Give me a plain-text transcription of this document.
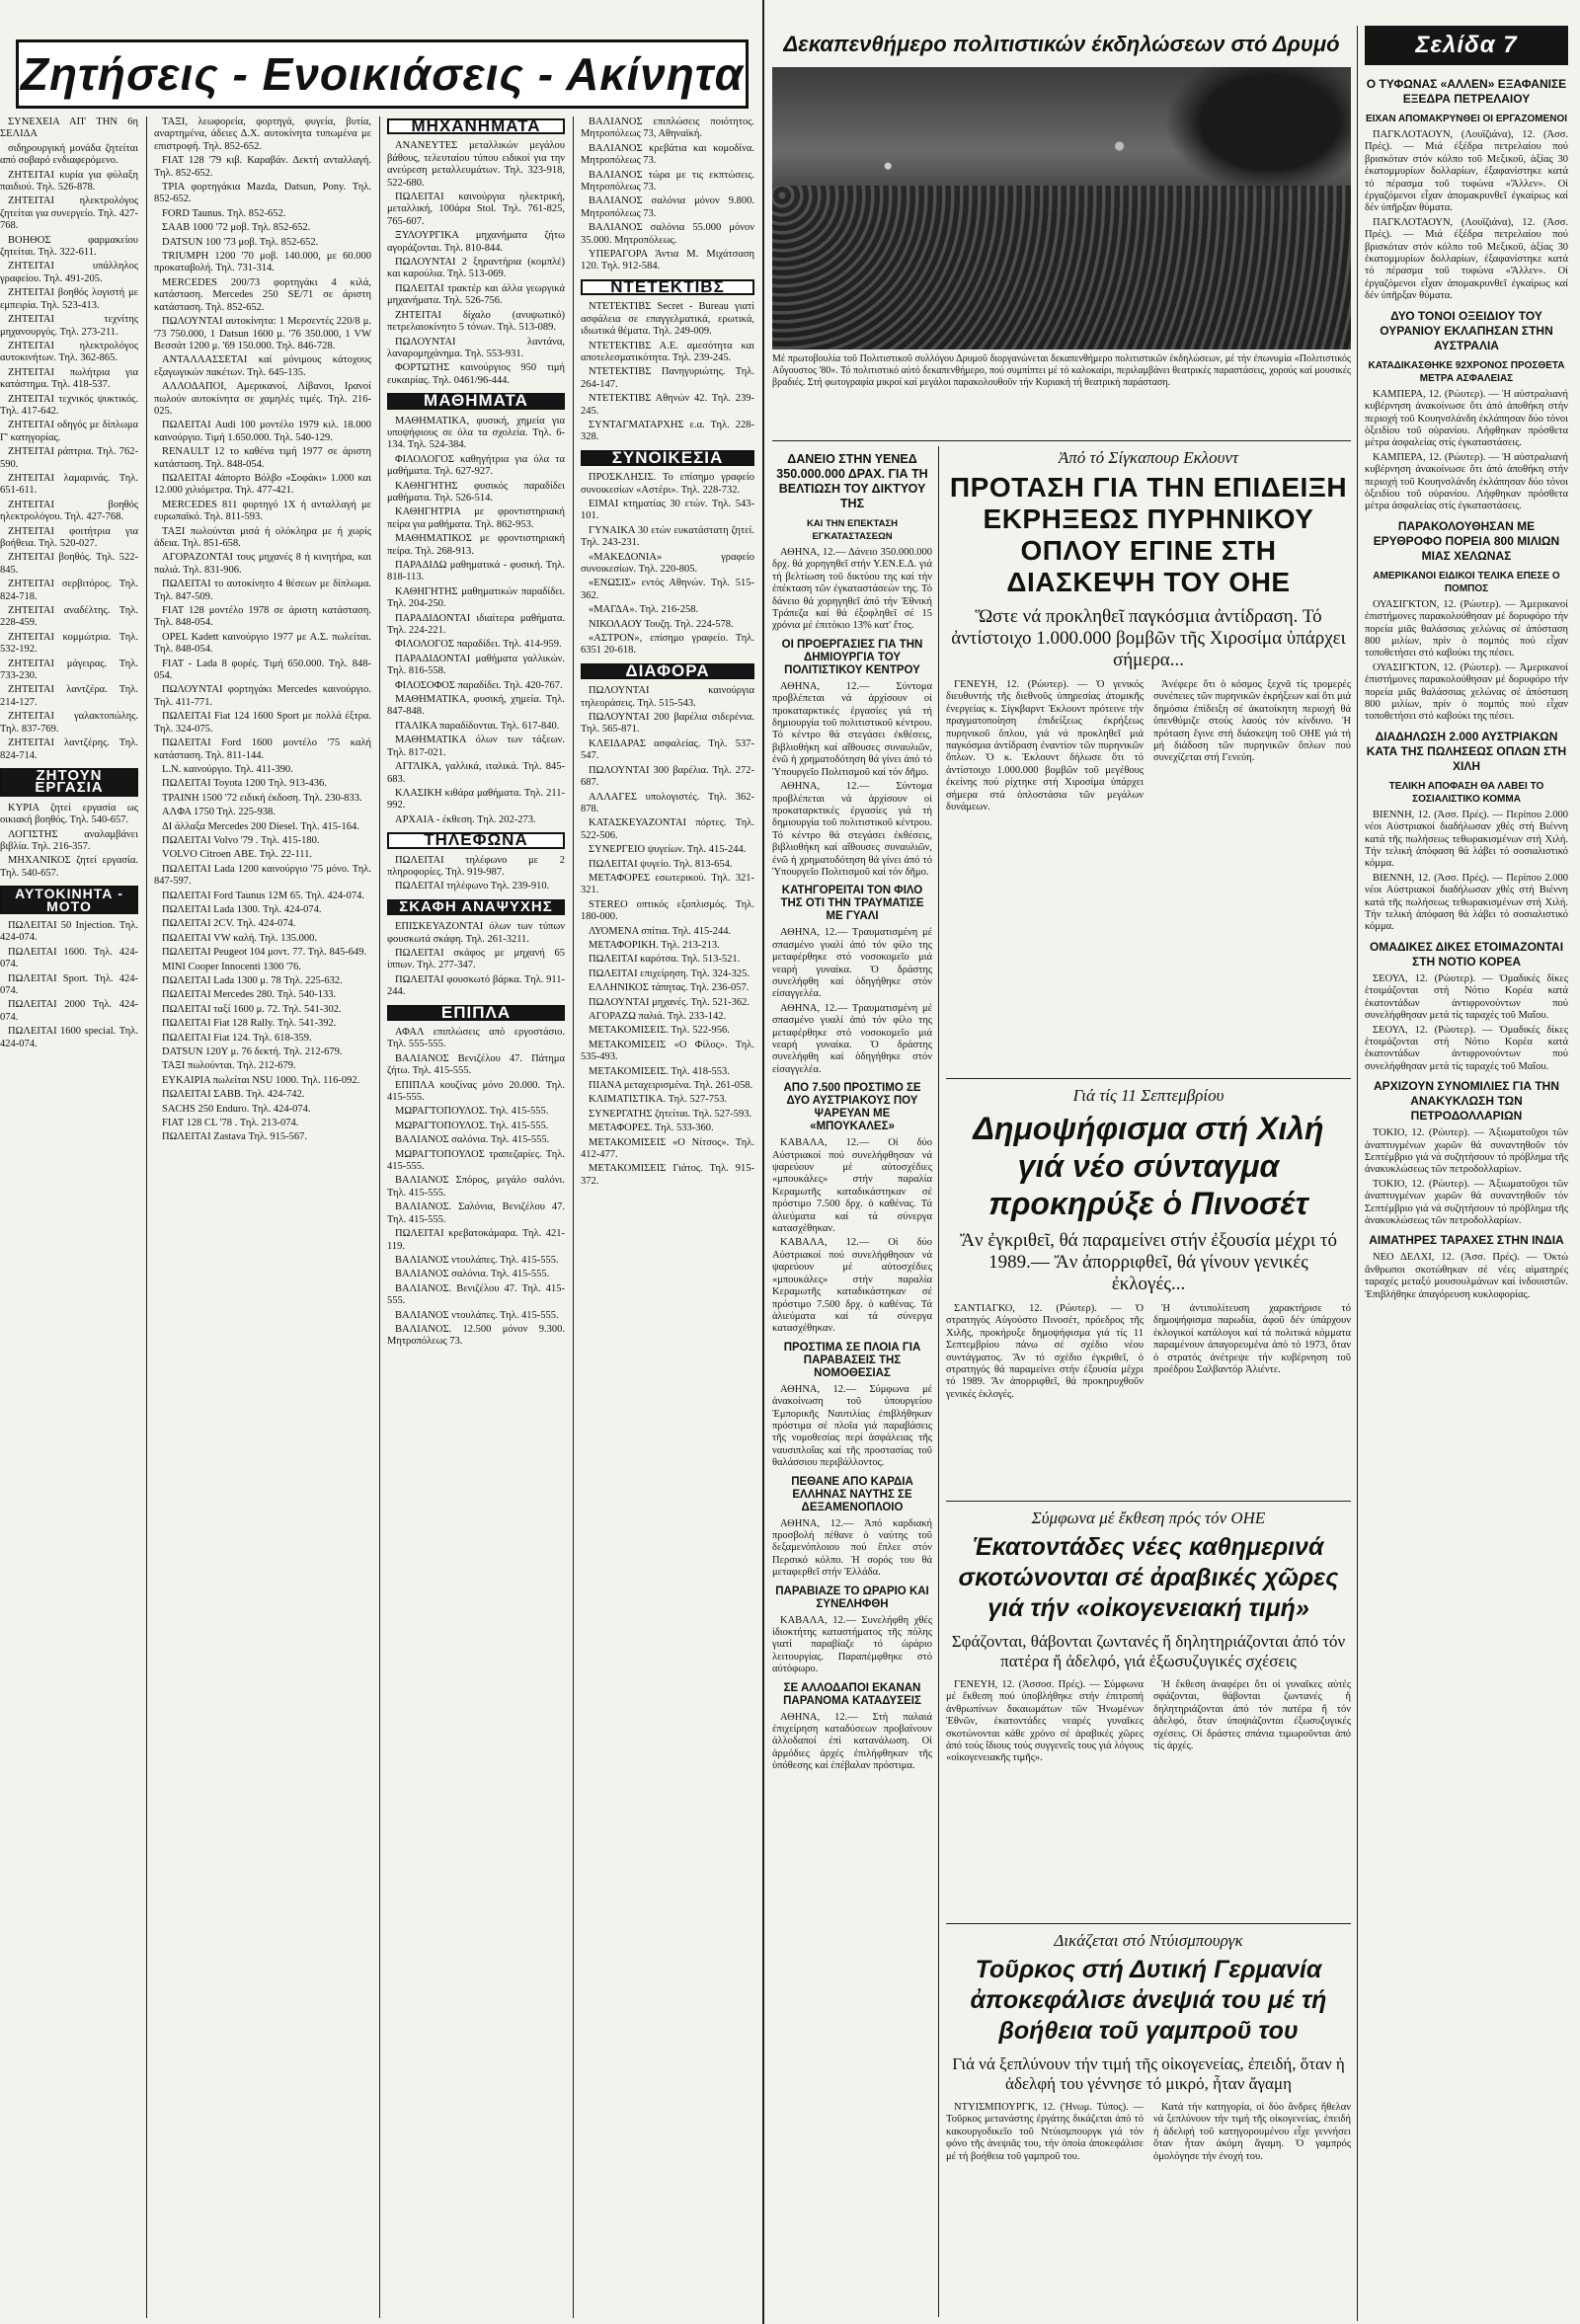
Ζητήσεις - Ενοικιάσεις - Ακίνητα

ΣΥΝΕΧΕΙΑ ΑΠ' ΤΗΝ 6η ΣΕΛΙΔΑ

σιδηρουργική μονάδα ζητείται από σοβαρό ενδιαφερόμενο.

ΖΗΤΕΙΤΑΙ κυρία για φύλαξη παιδιού. Τηλ. 526-878.

ΖΗΤΕΙΤΑΙ ηλεκτρολόγος ζητείται για συνεργείο. Τηλ. 427-768.

ΒΟΗΘΟΣ φαρμακείου ζητείται. Τηλ. 322-611.

ΖΗΤΕΙΤΑΙ υπάλληλος γραφείου. Τηλ. 491-205.

ΖΗΤΕΙΤΑΙ βοηθός λογιστή με εμπειρία. Τηλ. 523-413.

ΖΗΤΕΙΤΑΙ τεχνίτης μηχανουργός. Τηλ. 273-211.

ΖΗΤΕΙΤΑΙ ηλεκτρολόγος αυτοκινήτων. Τηλ. 362-865.

ΖΗΤΕΙΤΑΙ πωλήτρια για κατάστημα. Τηλ. 418-537.

ΖΗΤΕΙΤΑΙ τεχνικός ψυκτικός. Τηλ. 417-642.

ΖΗΤΕΙΤΑΙ οδηγός με δίπλωμα Γ' κατηγορίας.

ΖΗΤΕΙΤΑΙ ράπτρια. Τηλ. 762-590.

ΖΗΤΕΙΤΑΙ λαμαρινάς. Τηλ. 651-611.

ΖΗΤΕΙΤΑΙ βοηθός ηλεκτρολόγου. Τηλ. 427-768.

ΖΗΤΕΙΤΑΙ φοιτήτρια για βοήθεια. Τηλ. 520-027.

ΖΗΤΕΙΤΑΙ βοηθός. Τηλ. 522-845.

ΖΗΤΕΙΤΑΙ σερβιτόρος. Τηλ. 824-718.

ΖΗΤΕΙΤΑΙ αναδέλτης. Τηλ. 228-459.

ΖΗΤΕΙΤΑΙ κομμώτρια. Τηλ. 532-192.

ΖΗΤΕΙΤΑΙ μάγειρας. Τηλ. 733-230.

ΖΗΤΕΙΤΑΙ λαντζέρα. Τηλ. 214-127.

ΖΗΤΕΙΤΑΙ γαλακτοπώλης. Τηλ. 837-769.

ΖΗΤΕΙΤΑΙ λαντζέρης. Τηλ. 824-714.

ΖΗΤΟΥΝ ΕΡΓΑΣΙΑ

ΚΥΡΙΑ ζητεί εργασία ως οικιακή βοηθός. Τηλ. 540-657.

ΛΟΓΙΣΤΗΣ αναλαμβάνει βιβλία. Τηλ. 216-357.

ΜΗΧΑΝΙΚΟΣ ζητεί εργασία. Τηλ. 540-657.

ΑΥΤΟΚΙΝΗΤΑ - ΜΟΤΟ

ΠΩΛΕΙΤΑΙ 50 Injection. Τηλ. 424-074.

ΠΩΛΕΙΤΑΙ 1600. Τηλ. 424-074.

ΠΩΛΕΙΤΑΙ Sport. Τηλ. 424-074.

ΠΩΛΕΙΤΑΙ 2000 Τηλ. 424-074.

ΠΩΛΕΙΤΑΙ 1600 special. Τηλ. 424-074.

ΤΑΞΙ, λεωφορεία, φορτηγά, φυγεία, βυτία, αναρτημένα, άδειες Δ.Χ. αυτοκίνητα τυπωμένα με επιστροφή. Τηλ. 852-652.

FIAT 128 '79 κιβ. Καραβάν. Δεκτή ανταλλαγή. Τηλ. 852-652.

ΤΡΙΑ φορτηγάκια Mazda, Datsun, Pony. Τηλ. 852-652.

FORD Taunus. Τηλ. 852-652.

ΣΑΑΒ 1000 '72 μοβ. Τηλ. 852-652.

DATSUN 100 '73 μοβ. Τηλ. 852-652.

TRIUMPH 1200 '70 μοβ. 140.000, με 60.000 προκαταβολή. Τηλ. 731-314.

MERCEDES 200/73 φορτηγάκι 4 κιλά, κατάσταση. Mercedes 250 SE/71 σε άριστη κατάσταση. Τηλ. 852-652.

ΠΩΛΟΥΝΤΑΙ αυτοκίνητα: 1 Μερσεντές 220/8 μ. '73 750.000, 1 Datsun 1600 μ. '76 350.000, 1 VW Βεσσάτ 1200 μ. '69 150.000. Τηλ. 846-728.

ΑΝΤΑΛΛΑΣΣΕΤΑΙ καί μόνιμους κάτοχους εξαγωγικών πακέτων. Τηλ. 645-135.

ΑΛΛΟΔΑΠΟΙ, Αμερικανοί, Λίβανοι, Ιρανοί πωλούν αυτοκίνητα σε χαμηλές τιμές. Τηλ. 216-025.

ΠΩΛΕΙΤΑΙ Audi 100 μοντέλο 1979 κιλ. 18.000 καινούργιο. Τιμή 1.650.000. Τηλ. 540-129.

RENAULT 12 το καθένα τιμή 1977 σε άριστη κατάσταση. Τηλ. 848-054.

ΠΩΛΕΙΤΑΙ 4άπορτο Βόλβο «Σοφάκι» 1.000 και 12.000 χιλιόμετρα. Τηλ. 477-421.

MERCEDES 811 φορτηγό 1Χ ή ανταλλαγή με ευρωπαϊκό. Τηλ. 811-593.

ΤΑΞΙ πωλούνται μισά ή ολόκληρα με ή χωρίς άδεια. Τηλ. 851-658.

ΑΓΟΡΑΖΟΝΤΑΙ τους μηχανές 8 ή κινητήρα, και παλιά. Τηλ. 831-906.

ΠΩΛΕΙΤΑΙ το αυτοκίνητο 4 θέσεων με δίπλωμα. Τηλ. 847-509.

FIAT 128 μοντέλο 1978 σε άριστη κατάσταση. Τηλ. 848-054.

OPEL Kadett καινούργιο 1977 με Α.Σ. πωλείται. Τηλ. 848-054.

FIAT - Lada 8 φορές. Τιμή 650.000. Τηλ. 848-054.

ΠΩΛΟΥΝΤΑΙ φορτηγάκι Mercedes καινούργιο. Τηλ. 411-771.

ΠΩΛΕΙΤΑΙ Fiat 124 1600 Sport με πολλά έξτρα. Τηλ. 324-075.

ΠΩΛΕΙΤΑΙ Ford 1600 μοντέλο '75 καλή κατάσταση. Τηλ. 811-144.

L.N. καινούργιο. Τηλ. 411-390.

ΠΩΛΕΙΤΑΙ Toyota 1200 Τηλ. 913-436.

ΤΡΑΙΝΗ 1500 '72 ειδική έκδοση. Τηλ. 230-833.

ΑΛΦΑ 1750 Τηλ. 225-938.

ΔΙ άλλαξα Mercedes 200 Diesel. Τηλ. 415-164.

ΠΩΛΕΙΤΑΙ Volvo '79 . Τηλ. 415-180.

VOLVO Citroen ΑΒΕ. Τηλ. 22-111.

ΠΩΛΕΙΤΑΙ Lada 1200 καινούργιο '75 μόνο. Τηλ. 847-597.

ΠΩΛΕΙΤΑΙ Ford Taunus 12M 65. Τηλ. 424-074.

ΠΩΛΕΙΤΑΙ Lada 1300. Τηλ. 424-074.

ΠΩΛΕΙΤΑΙ 2CV. Τηλ. 424-074.

ΠΩΛΕΙΤΑΙ VW καλή. Τηλ. 135.000.

ΠΩΛΕΙΤΑΙ Peugeot 104 μοντ. 77. Τηλ. 845-649.

MINI Cooper Innocenti 1300 '76.

ΠΩΛΕΙΤΑΙ Lada 1300 μ. 78 Τηλ. 225-632.

ΠΩΛΕΙΤΑΙ Mercedes 280. Τηλ. 540-133.

ΠΩΛΕΙΤΑΙ ταξί 1600 μ. 72. Τηλ. 541-302.

ΠΩΛΕΙΤΑΙ Fiat 128 Rally. Τηλ. 541-392.

ΠΩΛΕΙΤΑΙ Fiat 124. Τηλ. 618-359.

DATSUN 120Y μ. 76 δεκτή. Τηλ. 212-679.

ΤΑΞΙ πωλούνται. Τηλ. 212-679.

ΕΥΚΑΙΡΙΑ πωλείται NSU 1000. Τηλ. 116-092.

ΠΩΛΕΙΤΑΙ ΣΑΒΒ. Τηλ. 424-742.

SACHS 250 Enduro. Τηλ. 424-074.

FIAT 128 CL '78 . Τηλ. 213-074.

ΠΩΛΕΙΤΑΙ Zastava Τηλ. 915-567.

ΜΗΧΑΝΗΜΑΤΑ

ΑΝΑΝΕΥΤΕΣ μεταλλικών μεγάλου βάθους, τελευταίου τύπου ειδικοί για την ανεύρεση μεταλλευμάτων. Τηλ. 323-918, 522-680.

ΠΩΛΕΙΤΑΙ καινούργια ηλεκτρική, μεταλλική, 100άρα Stol. Τηλ. 761-825, 765-607.

ΞΥΛΟΥΡΓΙΚΑ μηχανήματα ζήτω αγοράζονται. Τηλ. 810-844.

ΠΩΛΟΥΝΤΑΙ 2 ξηραντήρια (κομπλέ) και καρούλια. Τηλ. 513-069.

ΠΩΛΕΙΤΑΙ τρακτέρ και άλλα γεωργικά μηχανήματα. Τηλ. 526-756.

ΖΗΤΕΙΤΑΙ δίχαλο (ανυψωτικό) πετρελαιοκίνητο 5 τόνων. Τηλ. 513-089.

ΠΩΛΟΥΝΤΑΙ λαντάνα, λαναρομηχάνημα. Τηλ. 553-931.

ΦΟΡΤΩΤΗΣ καινούργιος 950 τιμή ευκαιρίας. Τηλ. 0461/96-444.

ΜΑΘΗΜΑΤΑ

ΜΑΘΗΜΑΤΙΚΑ, φυσική, χημεία για υποψήφιους σε όλα τα σχολεία. Τηλ. 6-134. Τηλ. 524-384.

ΦΙΛΟΛΟΓΟΣ καθηγήτρια για όλα τα μαθήματα. Τηλ. 627-927.

ΚΑΘΗΓΗΤΗΣ φυσικός παραδίδει μαθήματα. Τηλ. 526-514.

ΚΑΘΗΓΗΤΡΙΑ με φροντιστηριακή πείρα για μαθήματα. Τηλ. 862-953.

ΜΑΘΗΜΑΤΙΚΟΣ με φροντιστηριακή πείρα. Τηλ. 268-913.

ΠΑΡΑΔΙΔΩ μαθηματικά - φυσική. Τηλ. 818-113.

ΚΑΘΗΓΗΤΗΣ μαθηματικών παραδίδει. Τηλ. 204-250.

ΠΑΡΑΔΙΔΟΝΤΑΙ ιδιαίτερα μαθήματα. Τηλ. 224-221.

ΦΙΛΟΛΟΓΟΣ παραδίδει. Τηλ. 414-959.

ΠΑΡΑΔΙΔΟΝΤΑΙ μαθήματα γαλλικών. Τηλ. 816-558.

ΦΙΛΟΣΟΦΟΣ παραδίδει. Τηλ. 420-767.

ΜΑΘΗΜΑΤΙΚΑ, φυσική, χημεία. Τηλ. 847-848.

ΙΤΑΛΙΚΑ παραδίδονται. Τηλ. 617-840.

ΜΑΘΗΜΑΤΙΚΑ όλων των τάξεων. Τηλ. 817-021.

ΑΓΓΛΙΚΑ, γαλλικά, ιταλικά. Τηλ. 845-683.

ΚΛΑΣΙΚΗ κιθάρα μαθήματα. Τηλ. 211-992.

ΑΡΧΑΙΑ - έκθεση. Τηλ. 202-273.

ΤΗΛΕΦΩΝΑ

ΠΩΛΕΙΤΑΙ τηλέφωνο με 2 πληροφορίες. Τηλ. 919-987.

ΠΩΛΕΙΤΑΙ τηλέφωνο Τηλ. 239-910.

ΣΚΑΦΗ ΑΝΑΨΥΧΗΣ

ΕΠΙΣΚΕΥΑΖΟΝΤΑΙ όλων των τύπων φουσκωτά σκάφη. Τηλ. 261-3211.

ΠΩΛΕΙΤΑΙ σκάφος με μηχανή 65 ίππων. Τηλ. 277-347.

ΠΩΛΕΙΤΑΙ φουσκωτό βάρκα. Τηλ. 911-244.

ΕΠΙΠΛΑ

ΑΦΑΛ επιπλώσεις από εργοστάσιο. Τηλ. 555-555.

ΒΑΛΙΑΝΟΣ Βενιζέλου 47. Πάτημα ζήτω. Τηλ. 415-555.

ΕΠΙΠΛΑ κουζίνας μόνο 20.000. Τηλ. 415-555.

ΜΩΡΑΓΤΟΠΟΥΛΟΣ. Τηλ. 415-555.

ΜΩΡΑΓΤΟΠΟΥΛΟΣ. Τηλ. 415-555.

ΒΑΛΙΑΝΟΣ σαλόνια. Τηλ. 415-555.

ΜΩΡΑΓΤΟΠΟΥΛΟΣ τραπεζαρίες. Τηλ. 415-555.

ΒΑΛΙΑΝΟΣ Σπόρος, μεγάλο σαλόνι. Τηλ. 415-555.

ΒΑΛΙΑΝΟΣ. Σαλόνια, Βενιζέλου 47. Τηλ. 415-555.

ΠΩΛΕΙΤΑΙ κρεβατοκάμαρα. Τηλ. 421-119.

ΒΑΛΙΑΝΟΣ ντουλάπες. Τηλ. 415-555.

ΒΑΛΙΑΝΟΣ σαλόνια. Τηλ. 415-555.

ΒΑΛΙΑΝΟΣ. Βενιζέλου 47. Τηλ. 415-555.

ΒΑΛΙΑΝΟΣ ντουλάπες. Τηλ. 415-555.

ΒΑΛΙΑΝΟΣ. 12.500 μόνον 9.300. Μητροπόλεως 73.

ΒΑΛΙΑΝΟΣ επιπλώσεις ποιότητος. Μητροπόλεως 73, Αθηναϊκή.

ΒΑΛΙΑΝΟΣ κρεβάτια και κομοδίνα. Μητροπόλεως 73.

ΒΑΛΙΑΝΟΣ τώρα με τις εκπτώσεις. Μητροπόλεως 73.

ΒΑΛΙΑΝΟΣ σαλόνια μόνον 9.800. Μητροπόλεως 73.

ΒΑΛΙΑΝΟΣ σαλόνια 55.000 μόνον 35.000. Μητροπόλεως.

ΥΠΕΡΑΓΟΡΑ Άντια Μ. Μιχάτσαση 120. Τηλ. 912-584.

ΝΤΕΤΕΚΤΙΒΣ

ΝΤΕΤΕΚΤΙΒΣ Secret - Bureau γιατί ασφάλεια σε επαγγελματικά, ερωτικά, ιδιωτικά θέματα. Τηλ. 249-009.

ΝΤΕΤΕΚΤΙΒΣ Α.Ε. αμεσότητα και αποτελεσματικότητα. Τηλ. 239-245.

ΝΤΕΤΕΚΤΙΒΣ Πανηγυριώτης. Τηλ. 264-147.

ΝΤΕΤΕΚΤΙΒΣ Αθηνών 42. Τηλ. 239-245.

ΣΥΝΤΑΓΜΑΤΑΡΧΗΣ ε.α. Τηλ. 228-328.

ΣΥΝΟΙΚΕΣΙΑ

ΠΡΟΣΚΛΗΣΙΣ. Το επίσημο γραφείο συνοικεσίων «Αστέρι». Τηλ. 228-732.

ΕΙΜΑΙ κτηματίας 30 ετών. Τηλ. 543-101.

ΓΥΝΑΙΚΑ 30 ετών ευκατάστατη ζητεί. Τηλ. 243-231.

«ΜΑΚΕΔΟΝΙΑ» γραφείο συνοικεσίων. Τηλ. 220-805.

«ΕΝΩΣΙΣ» εντός Αθηνών. Τηλ. 515-362.

«ΜΑΓΔΑ». Τηλ. 216-258.

ΝΙΚΟΛΑΟΥ Τουζη. Τηλ. 224-578.

«ΑΣΤΡΟΝ», επίσημο γραφείο. Τηλ. 6351 20-618.

ΔΙΑΦΟΡΑ

ΠΩΛΟΥΝΤΑΙ καινούργια τηλεοράσεις. Τηλ. 515-543.

ΠΩΛΟΥΝΤΑΙ 200 βαρέλια σιδερένια. Τηλ. 565-871.

ΚΛΕΙΔΑΡΑΣ ασφαλείας. Τηλ. 537-547.

ΠΩΛΟΥΝΤΑΙ 300 βαρέλια. Τηλ. 272-687.

ΑΛΛΑΓΕΣ υπολογιστές. Τηλ. 362-878.

ΚΑΤΑΣΚΕΥΑΖΟΝΤΑΙ πόρτες. Τηλ. 522-506.

ΣΥΝΕΡΓΕΙΟ ψυγείων. Τηλ. 415-244.

ΠΩΛΕΙΤΑΙ ψυγείο. Τηλ. 813-654.

ΜΕΤΑΦΟΡΕΣ εσωτερικού. Τηλ. 321-321.

STEREO οπτικός εξοπλισμός. Τηλ. 180-000.

ΛΥΟΜΕΝΑ σπίτια. Τηλ. 415-244.

ΜΕΤΑΦΟΡΙΚΗ. Τηλ. 213-213.

ΠΩΛΕΙΤΑΙ καρότσα. Τηλ. 513-521.

ΠΩΛΕΙΤΑΙ επιχείρηση. Τηλ. 324-325.

ΕΛΛΗΝΙΚΟΣ τάπητας. Τηλ. 236-057.

ΠΩΛΟΥΝΤΑΙ μηχανές. Τηλ. 521-362.

ΑΓΟΡΑΖΩ παλιά. Τηλ. 233-142.

ΜΕΤΑΚΟΜΙΣΕΙΣ. Τηλ. 522-956.

ΜΕΤΑΚΟΜΙΣΕΙΣ «Ο Φίλος». Τηλ. 535-493.

ΜΕΤΑΚΟΜΙΣΕΙΣ. Τηλ. 418-553.

ΠΙΑΝΑ μεταχειρισμένα. Τηλ. 261-058.

ΚΛΙΜΑΤΙΣΤΙΚΑ. Τηλ. 527-753.

ΣΥΝΕΡΓΑΤΗΣ ζητείται. Τηλ. 527-593.

ΜΕΤΑΦΟΡΕΣ. Τηλ. 533-360.

ΜΕΤΑΚΟΜΙΣΕΙΣ «Ο Νίτσος». Τηλ. 412-477.

ΜΕΤΑΚΟΜΙΣΕΙΣ Γιάτος. Τηλ. 915-372.

Δεκαπενθήμερο πολιτιστικών έκδηλώσεων στό Δρυμό

Μέ πρωτοβουλία τοῦ Πολιτιστικοῦ συλλόγου Δρυμοῦ διοργανώνεται δεκαπενθήμερο πολιτιστικῶν ἐκδηλώσεων, μέ τήν ἐπωνυμία «Πολιτιστικός Αὔγουστος '80». Τό πολιτιστικό αὐτό δεκαπενθήμερο, πού συμπίπτει μέ τό καλοκαίρι, περιλαμβάνει θεατρικές παραστάσεις, χορούς καί μουσικές βραδιές. Στή φωτογραφία μικροί καί μεγάλοι παρακολουθοῦν τήν Κυριακή τή θεατρική παράσταση.

ΔΑΝΕΙΟ ΣΤΗΝ ΥΕΝΕΔ 350.000.000 ΔΡΑΧ. ΓΙΑ ΤΗ ΒΕΛΤΙΩΣΗ ΤΟΥ ΔΙΚΤΥΟΥ ΤΗΣ
ΚΑΙ ΤΗΝ ΕΠΕΚΤΑΣΗ ΕΓΚΑΤΑΣΤΑΣΕΩΝ

ΑΘΗΝΑ, 12.— Δάνειο 350.000.000 δρχ. θά χορηγηθεῖ στήν Υ.ΕΝ.Ε.Δ. γιά τή βελτίωση τοῦ δικτύου της καί τήν ἐπέκταση τῶν ἐγκαταστάσεών της. Τό δάνειο θά χορηγηθεῖ ἀπό τήν Ἐθνική Τράπεζα καί θά ἐξοφληθεῖ σέ 15 χρόνια μέ ἐπιτόκιο 13% κατ' ἔτος.

ΟΙ ΠΡΟΕΡΓΑΣΙΕΣ ΓΙΑ ΤΗΝ ΔΗΜΙΟΥΡΓΙΑ ΤΟΥ ΠΟΛΙΤΙΣΤΙΚΟΥ ΚΕΝΤΡΟΥ

ΑΘΗΝΑ, 12.— Σύντομα προβλέπεται νά ἀρχίσουν οἱ προκαταρκτικές ἐργασίες γιά τή δημιουργία τοῦ πολιτιστικοῦ κέντρου. Τό κέντρο θά στεγάσει ἐκθέσεις, βιβλιοθήκη καί αἴθουσες συναυλιῶν, ἐνῶ ἡ χρηματοδότηση θά γίνει ἀπό τό Ὑπουργεῖο Πολιτισμοῦ καί τόν δῆμο.

ΑΘΗΝΑ, 12.— Σύντομα προβλέπεται νά ἀρχίσουν οἱ προκαταρκτικές ἐργασίες γιά τή δημιουργία τοῦ πολιτιστικοῦ κέντρου. Τό κέντρο θά στεγάσει ἐκθέσεις, βιβλιοθήκη καί αἴθουσες συναυλιῶν, ἐνῶ ἡ χρηματοδότηση θά γίνει ἀπό τό Ὑπουργεῖο Πολιτισμοῦ καί τόν δῆμο.

ΚΑΤΗΓΟΡΕΙΤΑΙ ΤΟΝ ΦΙΛΟ ΤΗΣ ΟΤΙ ΤΗΝ ΤΡΑΥΜΑΤΙΣΕ ΜΕ ΓΥΑΛΙ

ΑΘΗΝΑ, 12.— Τραυματισμένη μέ σπασμένο γυαλί ἀπό τόν φίλο της μεταφέρθηκε στό νοσοκομεῖο μιά νεαρή γυναίκα. Ὁ δράστης συνελήφθη καί ὁδηγήθηκε στόν εἰσαγγελέα.

ΑΘΗΝΑ, 12.— Τραυματισμένη μέ σπασμένο γυαλί ἀπό τόν φίλο της μεταφέρθηκε στό νοσοκομεῖο μιά νεαρή γυναίκα. Ὁ δράστης συνελήφθη καί ὁδηγήθηκε στόν εἰσαγγελέα.

ΑΠΟ 7.500 ΠΡΟΣΤΙΜΟ ΣΕ ΔΥΟ ΑΥΣΤΡΙΑΚΟΥΣ ΠΟΥ ΨΑΡΕΥΑΝ ΜΕ «ΜΠΟΥΚΑΛΕΣ»

ΚΑΒΑΛΑ, 12.— Οἱ δύο Αὐστριακοί πού συνελήφθησαν νά ψαρεύουν μέ αὐτοσχέδιες «μπουκάλες» στήν παραλία Κεραμωτῆς καταδικάστηκαν σέ πρόστιμο 7.500 δρχ. ὁ καθένας. Τά ἀλιεύματα καί τά σύνεργα κατασχέθηκαν.

ΚΑΒΑΛΑ, 12.— Οἱ δύο Αὐστριακοί πού συνελήφθησαν νά ψαρεύουν μέ αὐτοσχέδιες «μπουκάλες» στήν παραλία Κεραμωτῆς καταδικάστηκαν σέ πρόστιμο 7.500 δρχ. ὁ καθένας. Τά ἀλιεύματα καί τά σύνεργα κατασχέθηκαν.

ΠΡΟΣΤΙΜΑ ΣΕ ΠΛΟΙΑ ΓΙΑ ΠΑΡΑΒΑΣΕΙΣ ΤΗΣ ΝΟΜΟΘΕΣΙΑΣ

ΑΘΗΝΑ, 12.— Σύμφωνα μέ ἀνακοίνωση τοῦ ὑπουργείου Ἐμπορικῆς Ναυτιλίας ἐπιβλήθηκαν πρόστιμα σέ πλοῖα γιά παραβάσεις τῆς νομοθεσίας περί ἀσφάλειας τῆς ναυσιπλοΐας καί τῆς προστασίας τοῦ θαλάσσιου περιβάλλοντος.

ΠΕΘΑΝΕ ΑΠΟ ΚΑΡΔΙΑ ΕΛΛΗΝΑΣ ΝΑΥΤΗΣ ΣΕ ΔΕΞΑΜΕΝΟΠΛΟΙΟ

ΑΘΗΝΑ, 12.— Ἀπό καρδιακή προσβολή πέθανε ὁ ναύτης τοῦ δεξαμενόπλοιου πού ἔπλεε στόν Περσικό κόλπο. Ἡ σορός του θά μεταφερθεῖ στήν Ἑλλάδα.

ΠΑΡΑΒΙΑΖΕ ΤΟ ΩΡΑΡΙΟ ΚΑΙ ΣΥΝΕΛΗΦΘΗ

ΚΑΒΑΛΑ, 12.— Συνελήφθη χθές ἰδιοκτήτης καταστήματος τῆς πόλης γιατί παραβίαζε τό ὡράριο λειτουργίας. Παραπέμφθηκε στό αὐτόφωρο.

ΣΕ ΑΛΛΟΔΑΠΟΙ ΕΚΑΝΑΝ ΠΑΡΑΝΟΜΑ ΚΑΤΑΔΥΣΕΙΣ

ΑΘΗΝΑ, 12.— Στή παλαιά ἐπιχείρηση καταδύσεων προβαίνουν ἀλλοδαποί ἐπί κατανάλωση. Οἱ ἀρμόδιες ἀρχές ἐπιλήφθηκαν τῆς ὑπόθεσης καί ἐπέβαλαν πρόστιμα.

Ἀπό τό Σίγκαπουρ Εκλουντ
ΠΡΟΤΑΣΗ ΓΙΑ ΤΗΝ ΕΠΙΔΕΙΞΗ ΕΚΡΗΞΕΩΣ ΠΥΡΗΝΙΚΟΥ ΟΠΛΟΥ ΕΓΙΝΕ ΣΤΗ ΔΙΑΣΚΕΨΗ ΤΟΥ ΟΗΕ
Ὥστε νά προκληθεῖ παγκόσμια ἀντίδραση. Τό ἀντίστοιχο 1.000.000 βομβῶν τῆς Χιροσίμα ὑπάρχει σήμερα...

ΓΕΝΕΥΗ, 12. (Ρώυτερ). — Ὁ γενικός διευθυντής τῆς διεθνοῦς ὑπηρεσίας ἀτομικῆς ἐνεργείας κ. Σίγκβαρντ Ἐκλουντ πρότεινε τήν πραγματοποίηση ἐπιδείξεως ἐκρήξεως πυρηνικοῦ ὅπλου, γιά νά προκληθεῖ μιά παγκόσμια ἀντίδραση ἐναντίον τῶν πυρηνικῶν ὅπλων. Ὁ κ. Ἐκλουντ δήλωσε ὅτι τό ἀντίστοιχο 1.000.000 βομβῶν τοῦ μεγέθους ἐκείνης πού ρίχτηκε στή Χιροσίμα ὑπάρχει σήμερα στά ὁπλοστάσια τῶν μεγάλων δυνάμεων.

Ἀνέφερε ὅτι ὁ κόσμος ξεχνᾶ τίς τρομερές συνέπειες τῶν πυρηνικῶν ἐκρήξεων καί ὅτι μιά δημόσια ἐπίδειξη σέ ἀκατοίκητη περιοχή θά ὑπενθύμιζε στούς λαούς τόν κίνδυνο. Ἡ πρόταση ἔγινε στή διάσκεψη τοῦ ΟΗΕ γιά τή μή διάδοση τῶν πυρηνικῶν ὅπλων πού συνεχίζεται στή Γενεύη.

Γιά τίς 11 Σεπτεμβρίου
Δημοψήφισμα στή Χιλή γιά νέο σύνταγμα προκηρύξε ὁ Πινοσέτ
Ἄν ἐγκριθεῖ, θά παραμείνει στήν ἐξουσία μέχρι τό 1989.— Ἄν ἀπορριφθεῖ, θά γίνουν γενικές ἐκλογές...

ΣΑΝΤΙΑΓΚΟ, 12. (Ρώυτερ). — Ὁ στρατηγός Αὐγούστο Πινοσέτ, πρόεδρος τῆς Χιλῆς, προκήρυξε δημοψήφισμα γιά τίς 11 Σεπτεμβρίου πάνω σέ σχέδιο νέου συντάγματος. Ἄν τό σχέδιο ἐγκριθεῖ, ὁ στρατηγός θά παραμείνει στήν ἐξουσία μέχρι τό 1989. Ἄν ἀπορριφθεῖ, θά προκηρυχθοῦν γενικές ἐκλογές.

Ἡ ἀντιπολίτευση χαρακτήρισε τό δημοψήφισμα παρωδία, ἀφοῦ δέν ὑπάρχουν ἐκλογικοί κατάλογοι καί τά πολιτικά κόμματα παραμένουν ἀπαγορευμένα ἀπό τό 1973, ὅταν ὁ στρατός ἀνέτρεψε τήν κυβέρνηση τοῦ προέδρου Σαλβαντόρ Ἀλιέντε.

Σύμφωνα μέ ἔκθεση πρός τόν ΟΗΕ
Ἑκατοντάδες νέες καθημερινά σκοτώνονται σέ ἀραβικές χῶρες γιά τήν «οἰκογενειακή τιμή»
Σφάζονται, θάβονται ζωντανές ἤ δηλητηριάζονται ἀπό τόν πατέρα ἤ ἀδελφό, γιά ἐξωσυζυγικές σχέσεις

ΓΕΝΕΥΗ, 12. (Ἀσσοσ. Πρές). — Σύμφωνα μέ ἔκθεση πού ὑποβλήθηκε στήν ἐπιτροπή ἀνθρωπίνων δικαιωμάτων τῶν Ἡνωμένων Ἐθνῶν, ἑκατοντάδες νεαρές γυναῖκες σκοτώνονται κάθε χρόνο σέ ἀραβικές χῶρες ἀπό τούς ἴδιους τούς συγγενεῖς τους γιά λόγους «οἰκογενειακῆς τιμῆς».

Ἡ ἔκθεση ἀναφέρει ὅτι οἱ γυναῖκες αὐτές σφάζονται, θάβονται ζωντανές ἤ δηλητηριάζονται ἀπό τόν πατέρα ἤ τόν ἀδελφό, ὅταν ὑποψιάζονται ἐξωσυζυγικές σχέσεις. Οἱ δράστες σπάνια τιμωροῦνται ἀπό τίς ἀρχές.

Δικάζεται στό Ντύισμπουργκ
Τοῦρκος στή Δυτική Γερμανία ἀποκεφάλισε ἀνεψιά του μέ τή βοήθεια τοῦ γαμπροῦ του
Γιά νά ξεπλύνουν τήν τιμή τῆς οἰκογενείας, ἐπειδή, ὅταν ἡ ἀδελφή του γέννησε τό μικρό, ἦταν ἄγαμη

ΝΤΥΙΣΜΠΟΥΡΓΚ, 12. (Ἡνωμ. Τύπος). — Τοῦρκος μετανάστης ἐργάτης δικάζεται ἀπό τό κακουργοδικεῖο τοῦ Ντύισμπουργκ γιά τόν φόνο τῆς ἀνεψιᾶς του, τήν ὁποία ἀποκεφάλισε μέ τή βοήθεια τοῦ γαμπροῦ του.

Κατά τήν κατηγορία, οἱ δύο ἄνδρες ἤθελαν νά ξεπλύνουν τήν τιμή τῆς οἰκογενείας, ἐπειδή ἡ ἀδελφή τοῦ κατηγορουμένου εἶχε γεννήσει ὅταν ἦταν ἀκόμη ἄγαμη. Ὁ γαμπρός ὁμολόγησε τήν ἐνοχή του.

Σελίδα 7
Ο ΤΥΦΩΝΑΣ «ΑΛΛΕΝ» ΕΞΑΦΑΝΙΣΕ ΕΞΕΔΡΑ ΠΕΤΡΕΛΑΙΟΥ
ΕΙΧΑΝ ΑΠΟΜΑΚΡΥΝΘΕΙ ΟΙ ΕΡΓΑΖΟΜΕΝΟΙ

ΠΑΓΚΛΟΤΑΟΥΝ, (Λουϊζιάνα), 12. (Ἀσσ. Πρές). — Μιά ἐξέδρα πετρελαίου πού βρισκόταν στόν κόλπο τοῦ Μεξικοῦ, ἀξίας 30 ἑκατομμυρίων δολλαρίων, ἐξαφανίστηκε κατά τό πέρασμα τοῦ τυφώνα «Ἄλλεν». Οἱ ἐργαζόμενοι εἶχαν ἀπομακρυνθεῖ ἐγκαίρως καί δέν ὑπῆρξαν θύματα.

ΠΑΓΚΛΟΤΑΟΥΝ, (Λουϊζιάνα), 12. (Ἀσσ. Πρές). — Μιά ἐξέδρα πετρελαίου πού βρισκόταν στόν κόλπο τοῦ Μεξικοῦ, ἀξίας 30 ἑκατομμυρίων δολλαρίων, ἐξαφανίστηκε κατά τό πέρασμα τοῦ τυφώνα «Ἄλλεν». Οἱ ἐργαζόμενοι εἶχαν ἀπομακρυνθεῖ ἐγκαίρως καί δέν ὑπῆρξαν θύματα.

ΔΥΟ ΤΟΝΟΙ ΟΞΕΙΔΙΟΥ ΤΟΥ ΟΥΡΑΝΙΟΥ ΕΚΛΑΠΗΣΑΝ ΣΤΗΝ ΑΥΣΤΡΑΛΙΑ
ΚΑΤΑΔΙΚΑΣΘΗΚΕ 92ΧΡΟΝΟΣ ΠΡΟΣΘΕΤΑ ΜΕΤΡΑ ΑΣΦΑΛΕΙΑΣ

ΚΑΜΠΕΡΑ, 12. (Ρώυτερ). — Ἡ αὐστραλιανή κυβέρνηση ἀνακοίνωσε ὅτι ἀπό ἀποθήκη στήν περιοχή τοῦ Κουηνσλάνδη ἐκλάπησαν δύο τόνοι ὀξειδίου τοῦ οὐρανίου. Λήφθηκαν πρόσθετα μέτρα ἀσφαλείας στίς ἐγκαταστάσεις.

ΚΑΜΠΕΡΑ, 12. (Ρώυτερ). — Ἡ αὐστραλιανή κυβέρνηση ἀνακοίνωσε ὅτι ἀπό ἀποθήκη στήν περιοχή τοῦ Κουηνσλάνδη ἐκλάπησαν δύο τόνοι ὀξειδίου τοῦ οὐρανίου. Λήφθηκαν πρόσθετα μέτρα ἀσφαλείας στίς ἐγκαταστάσεις.

ΠΑΡΑΚΟΛΟΥΘΗΣΑΝ ΜΕ ΕΡΥΘΡΟΦΟ ΠΟΡΕΙΑ 800 ΜΙΛΙΩΝ ΜΙΑΣ ΧΕΛΩΝΑΣ
ΑΜΕΡΙΚΑΝΟΙ ΕΙΔΙΚΟΙ ΤΕΛΙΚΑ ΕΠΕΣΕ Ο ΠΟΜΠΟΣ

ΟΥΑΣΙΓΚΤΟΝ, 12. (Ρώυτερ). — Ἀμερικανοί ἐπιστήμονες παρακολούθησαν μέ δορυφόρο τήν πορεία μιᾶς θαλάσσιας χελώνας σέ ἀπόσταση 800 μιλίων, πρίν ὁ πομπός πού εἶχαν τοποθετήσει στό καβούκι της πέσει.

ΟΥΑΣΙΓΚΤΟΝ, 12. (Ρώυτερ). — Ἀμερικανοί ἐπιστήμονες παρακολούθησαν μέ δορυφόρο τήν πορεία μιᾶς θαλάσσιας χελώνας σέ ἀπόσταση 800 μιλίων, πρίν ὁ πομπός πού εἶχαν τοποθετήσει στό καβούκι της πέσει.

ΔΙΑΔΗΛΩΣΗ 2.000 ΑΥΣΤΡΙΑΚΩΝ ΚΑΤΑ ΤΗΣ ΠΩΛΗΣΕΩΣ ΟΠΛΩΝ ΣΤΗ ΧΙΛΗ
ΤΕΛΙΚΗ ΑΠΟΦΑΣΗ ΘΑ ΛΑΒΕΙ ΤΟ ΣΟΣΙΑΛΙΣΤΙΚΟ ΚΟΜΜΑ

ΒΙΕΝΝΗ, 12. (Ἀσσ. Πρές). — Περίπου 2.000 νέοι Αὐστριακοί διαδήλωσαν χθές στή Βιέννη κατά τῆς πωλήσεως τεθωρακισμένων στή Χιλή. Τήν τελική ἀπόφαση θά λάβει τό σοσιαλιστικό κόμμα.

ΒΙΕΝΝΗ, 12. (Ἀσσ. Πρές). — Περίπου 2.000 νέοι Αὐστριακοί διαδήλωσαν χθές στή Βιέννη κατά τῆς πωλήσεως τεθωρακισμένων στή Χιλή. Τήν τελική ἀπόφαση θά λάβει τό σοσιαλιστικό κόμμα.

ΟΜΑΔΙΚΕΣ ΔΙΚΕΣ ΕΤΟΙΜΑΖΟΝΤΑΙ ΣΤΗ ΝΟΤΙΟ ΚΟΡΕΑ

ΣΕΟΥΛ, 12. (Ρώυτερ). — Ὁμαδικές δίκες ἑτοιμάζονται στή Νότιο Κορέα κατά ἑκατοντάδων ἀντιφρονούντων πού συνελήφθησαν μετά τίς ταραχές τοῦ Μαΐου.

ΣΕΟΥΛ, 12. (Ρώυτερ). — Ὁμαδικές δίκες ἑτοιμάζονται στή Νότιο Κορέα κατά ἑκατοντάδων ἀντιφρονούντων πού συνελήφθησαν μετά τίς ταραχές τοῦ Μαΐου.

ΑΡΧΙΖΟΥΝ ΣΥΝΟΜΙΛΙΕΣ ΓΙΑ ΤΗΝ ΑΝΑΚΥΚΛΩΣΗ ΤΩΝ ΠΕΤΡΟΔΟΛΛΑΡΙΩΝ

ΤΟΚΙΟ, 12. (Ρώυτερ). — Ἀξιωματοῦχοι τῶν ἀναπτυγμένων χωρῶν θά συναντηθοῦν τόν Σεπτέμβριο γιά νά συζητήσουν τό πρόβλημα τῆς ἀνακυκλώσεως τῶν πετροδολλαρίων.

ΤΟΚΙΟ, 12. (Ρώυτερ). — Ἀξιωματοῦχοι τῶν ἀναπτυγμένων χωρῶν θά συναντηθοῦν τόν Σεπτέμβριο γιά νά συζητήσουν τό πρόβλημα τῆς ἀνακυκλώσεως τῶν πετροδολλαρίων.

ΑΙΜΑΤΗΡΕΣ ΤΑΡΑΧΕΣ ΣΤΗΝ ΙΝΔΙΑ

ΝΕΟ ΔΕΛΧΙ, 12. (Ἀσσ. Πρές). — Ὀκτώ ἄνθρωποι σκοτώθηκαν σέ νέες αἱματηρές ταραχές μεταξύ μουσουλμάνων καί ἰνδουιστῶν. Ἐπιβλήθηκε ἀπαγόρευση κυκλοφορίας.
